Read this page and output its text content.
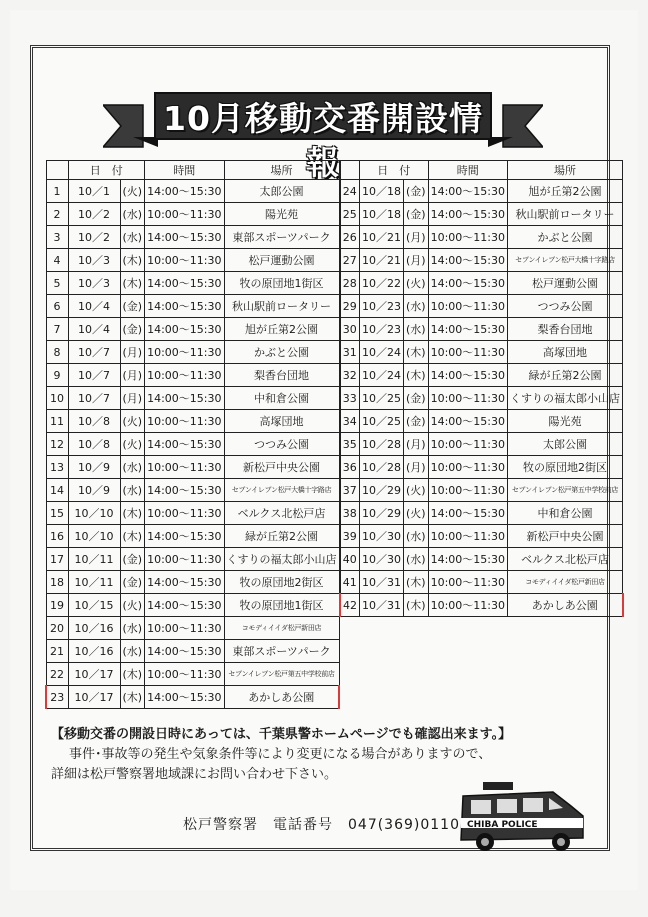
10月移動交番開設情報
	日　付		時間	場所
1	10／1	(火)	14:00～15:30	太郎公園
2	10／2	(水)	10:00～11:30	陽光苑
3	10／2	(水)	14:00～15:30	東部スポーツパーク
4	10／3	(木)	10:00～11:30	松戸運動公園
5	10／3	(木)	14:00～15:30	牧の原団地1街区
6	10／4	(金)	14:00～15:30	秋山駅前ロータリー
7	10／4	(金)	14:00～15:30	旭が丘第2公園
8	10／7	(月)	10:00～11:30	かぶと公園
9	10／7	(月)	10:00～11:30	梨香台団地
10	10／7	(月)	14:00～15:30	中和倉公園
11	10／8	(火)	10:00～11:30	高塚団地
12	10／8	(火)	14:00～15:30	つつみ公園
13	10／9	(水)	10:00～11:30	新松戸中央公園
14	10／9	(水)	14:00～15:30	セブンイレブン松戸大橋十字路店
15	10／10	(木)	10:00～11:30	ベルクス北松戸店
16	10／10	(木)	14:00～15:30	緑が丘第2公園
17	10／11	(金)	10:00～11:30	くすりの福太郎小山店
18	10／11	(金)	14:00～15:30	牧の原団地2街区
19	10／15	(火)	14:00～15:30	牧の原団地1街区
20	10／16	(水)	10:00～11:30	コモディイイダ松戸新田店
21	10／16	(水)	14:00～15:30	東部スポーツパーク
22	10／17	(木)	10:00～11:30	セブンイレブン松戸第五中学校前店
23	10／17	(木)	14:00～15:30	あかしあ公園
	日　付		時間	場所
24	10／18	(金)	14:00～15:30	旭が丘第2公園
25	10／18	(金)	14:00～15:30	秋山駅前ロータリー
26	10／21	(月)	10:00～11:30	かぶと公園
27	10／21	(月)	14:00～15:30	セブンイレブン松戸大橋十字路店
28	10／22	(火)	14:00～15:30	松戸運動公園
29	10／23	(水)	10:00～11:30	つつみ公園
30	10／23	(水)	14:00～15:30	梨香台団地
31	10／24	(木)	10:00～11:30	高塚団地
32	10／24	(木)	14:00～15:30	緑が丘第2公園
33	10／25	(金)	10:00～11:30	くすりの福太郎小山店
34	10／25	(金)	14:00～15:30	陽光苑
35	10／28	(月)	10:00～11:30	太郎公園
36	10／28	(月)	10:00～11:30	牧の原団地2街区
37	10／29	(火)	10:00～11:30	セブンイレブン松戸第五中学校前店
38	10／29	(火)	14:00～15:30	中和倉公園
39	10／30	(水)	10:00～11:30	新松戸中央公園
40	10／30	(水)	14:00～15:30	ベルクス北松戸店
41	10／31	(木)	10:00～11:30	コモディイイダ松戸新田店
42	10／31	(木)	10:00～11:30	あかしあ公園
【移動交番の開設日時にあっては、千葉県警ホームページでも確認出来ます。】
事件･事故等の発生や気象条件等により変更になる場合がありますので、
詳細は松戸警察署地域課にお問い合わせ下さい。
CHIBA POLICE
松戸警察署　電話番号　047(369)0110
